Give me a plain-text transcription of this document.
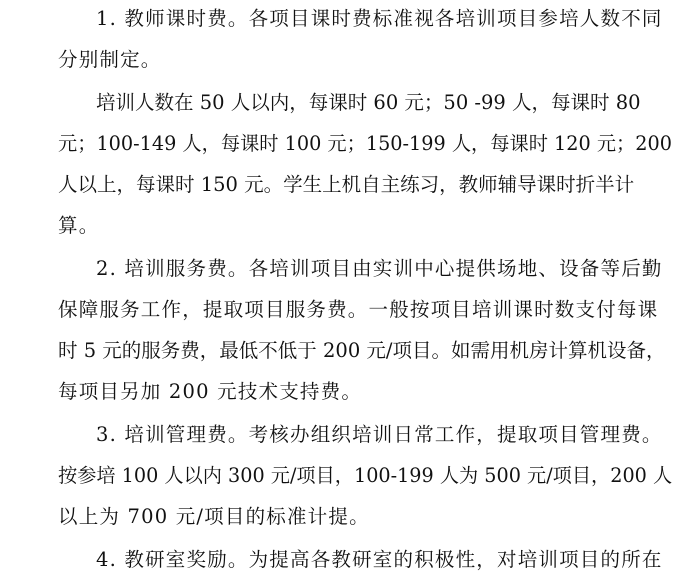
1. 教师课时费。各项目课时费标准视各培训项目参培人数不同
分别制定。
培训人数在 50 人以内，每课时 60 元；50 -99 人，每课时 80
元；100-149 人，每课时 100 元；150-199 人，每课时 120 元；200
人以上，每课时 150 元。学生上机自主练习，教师辅导课时折半计
算。
2. 培训服务费。各培训项目由实训中心提供场地、设备等后勤
保障服务工作，提取项目服务费。一般按项目培训课时数支付每课
时 5 元的服务费，最低不低于 200 元/项目。如需用机房计算机设备，
每项目另加 200 元技术支持费。
3. 培训管理费。考核办组织培训日常工作，提取项目管理费。
按参培 100 人以内 300 元/项目，100-199 人为 500 元/项目，200 人
以上为 700 元/项目的标准计提。
4. 教研室奖励。为提高各教研室的积极性，对培训项目的所在
